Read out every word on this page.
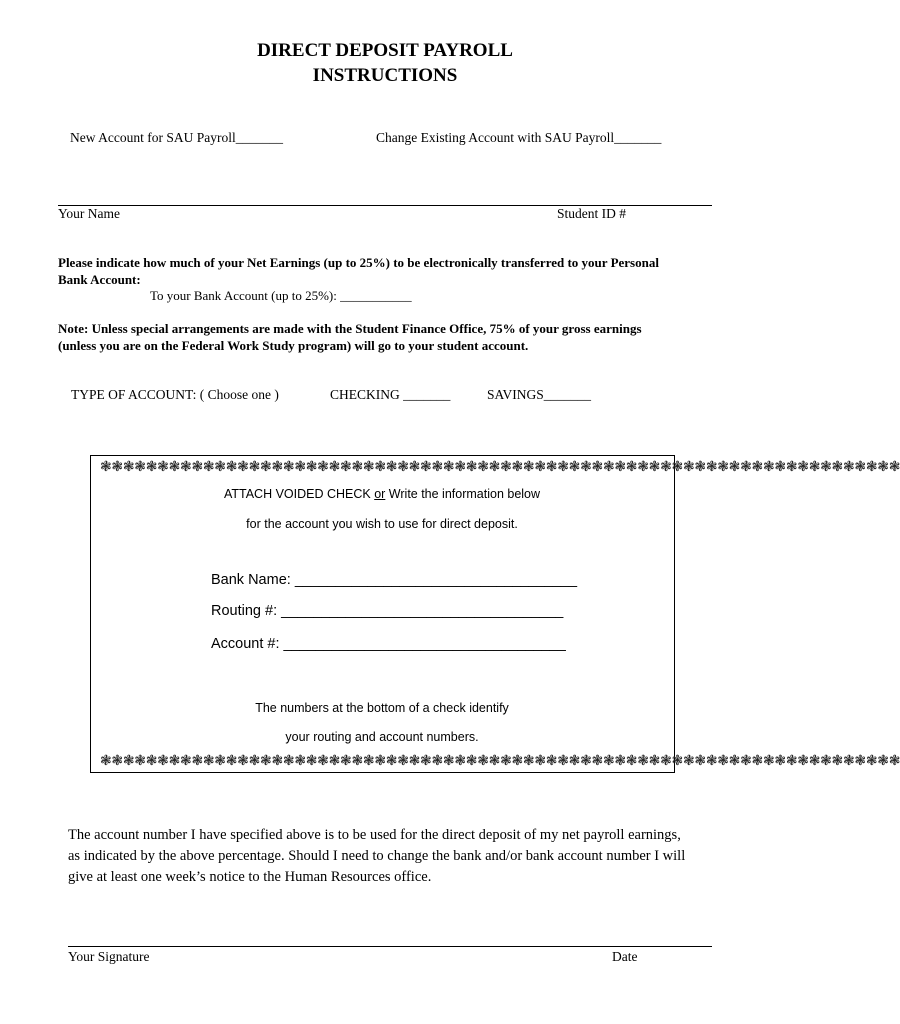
DIRECT DEPOSIT PAYROLL
INSTRUCTIONS
New Account for SAU Payroll_______	Change Existing Account with SAU Payroll_______
Your Name	Student ID #
Please indicate how much of your Net Earnings (up to 25%) to be electronically transferred to your Personal
Bank Account:
To your Bank Account (up to 25%): ___________
Note: Unless special arrangements are made with the Student Finance Office, 75% of your gross earnings
(unless you are on the Federal Work Study program) will go to your student account.
TYPE OF ACCOUNT: ( Choose one )	CHECKING _______	SAVINGS_______
❃❃❃❃❃❃❃❃❃❃❃❃❃❃❃❃❃❃❃❃❃❃❃❃❃❃❃❃❃❃❃❃❃❃❃❃❃❃❃❃❃❃❃❃❃❃❃❃❃❃❃❃❃❃❃❃❃❃❃❃❃❃❃❃❃❃❃❃❃❃
ATTACH VOIDED CHECK or Write the information below
for the account you wish to use for direct deposit.
Bank Name: ___________________________________
Routing #: ___________________________________
Account #: ___________________________________
The numbers at the bottom of a check identify
your routing and account numbers.
❃❃❃❃❃❃❃❃❃❃❃❃❃❃❃❃❃❃❃❃❃❃❃❃❃❃❃❃❃❃❃❃❃❃❃❃❃❃❃❃❃❃❃❃❃❃❃❃❃❃❃❃❃❃❃❃❃❃❃❃❃❃❃❃❃❃❃❃❃❃
The account number I have specified above is to be used for the direct deposit of my net payroll earnings,
as indicated by the above percentage. Should I need to change the bank and/or bank account number I will
give at least one week’s notice to the Human Resources office.
Your Signature	Date
